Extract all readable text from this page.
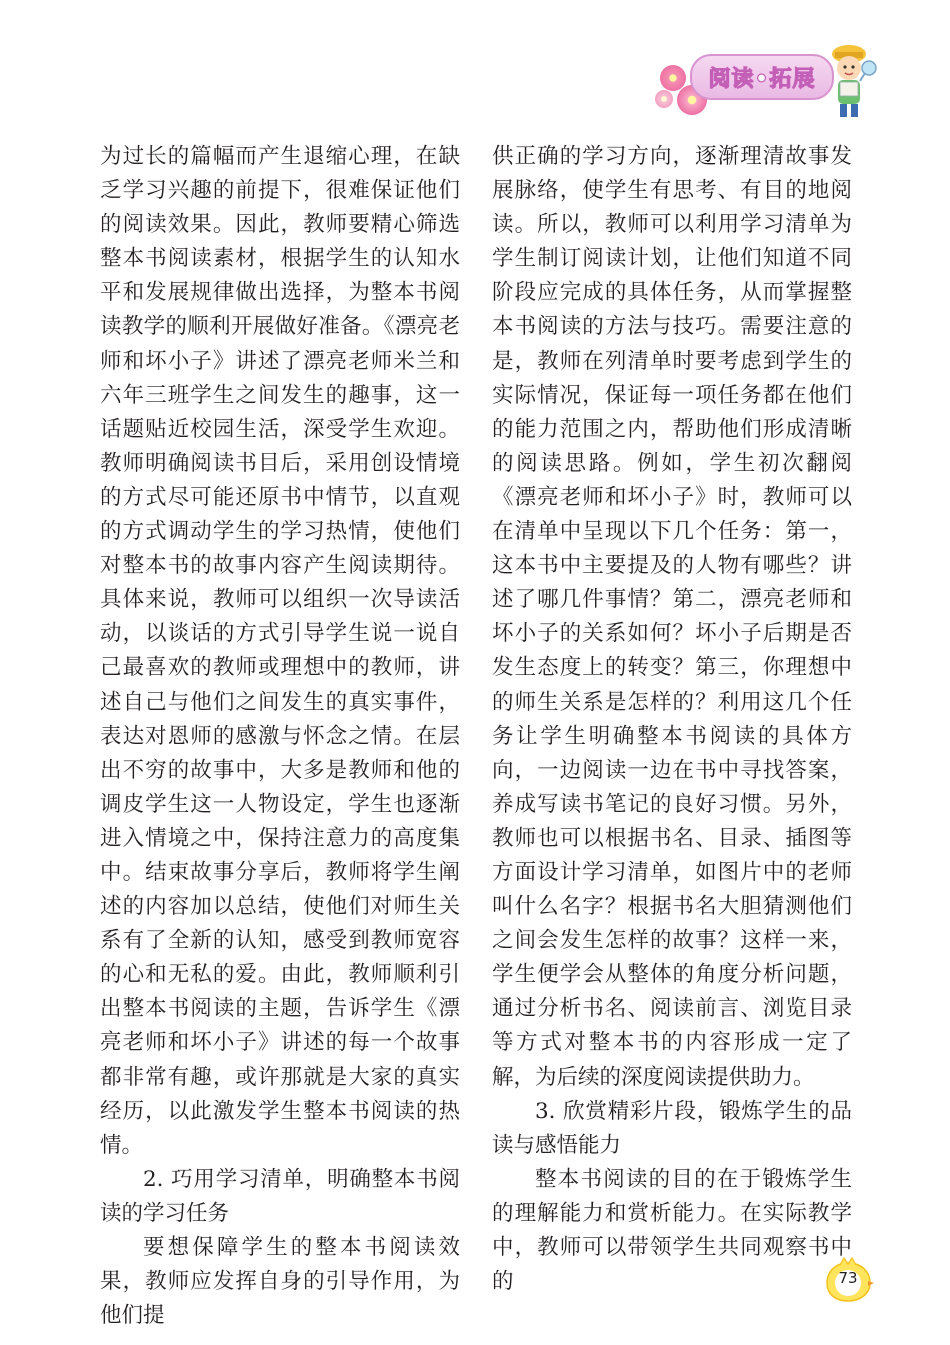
阅读•拓展

为过长的篇幅而产生退缩心理，在缺乏学习兴趣的前提下，很难保证他们的阅读效果。因此，教师要精心筛选整本书阅读素材，根据学生的认知水平和发展规律做出选择，为整本书阅读教学的顺利开展做好准备。《漂亮老师和坏小子》讲述了漂亮老师米兰和六年三班学生之间发生的趣事，这一话题贴近校园生活，深受学生欢迎。教师明确阅读书目后，采用创设情境的方式尽可能还原书中情节，以直观的方式调动学生的学习热情，使他们对整本书的故事内容产生阅读期待。具体来说，教师可以组织一次导读活动，以谈话的方式引导学生说一说自己最喜欢的教师或理想中的教师，讲述自己与他们之间发生的真实事件，表达对恩师的感激与怀念之情。在层出不穷的故事中，大多是教师和他的调皮学生这一人物设定，学生也逐渐进入情境之中，保持注意力的高度集中。结束故事分享后，教师将学生阐述的内容加以总结，使他们对师生关系有了全新的认知，感受到教师宽容的心和无私的爱。由此，教师顺利引出整本书阅读的主题，告诉学生《漂亮老师和坏小子》讲述的每一个故事都非常有趣，或许那就是大家的真实经历，以此激发学生整本书阅读的热情。

2. 巧用学习清单，明确整本书阅读的学习任务

要想保障学生的整本书阅读效果，教师应发挥自身的引导作用，为他们提

供正确的学习方向，逐渐理清故事发展脉络，使学生有思考、有目的地阅读。所以，教师可以利用学习清单为学生制订阅读计划，让他们知道不同阶段应完成的具体任务，从而掌握整本书阅读的方法与技巧。需要注意的是，教师在列清单时要考虑到学生的实际情况，保证每一项任务都在他们的能力范围之内，帮助他们形成清晰的阅读思路。例如，学生初次翻阅《漂亮老师和坏小子》时，教师可以在清单中呈现以下几个任务：第一，这本书中主要提及的人物有哪些？讲述了哪几件事情？第二，漂亮老师和坏小子的关系如何？坏小子后期是否发生态度上的转变？第三，你理想中的师生关系是怎样的？利用这几个任务让学生明确整本书阅读的具体方向，一边阅读一边在书中寻找答案，养成写读书笔记的良好习惯。另外，教师也可以根据书名、目录、插图等方面设计学习清单，如图片中的老师叫什么名字？根据书名大胆猜测他们之间会发生怎样的故事？这样一来，学生便学会从整体的角度分析问题，通过分析书名、阅读前言、浏览目录等方式对整本书的内容形成一定了解，为后续的深度阅读提供助力。

3. 欣赏精彩片段，锻炼学生的品读与感悟能力

整本书阅读的目的在于锻炼学生的理解能力和赏析能力。在实际教学中，教师可以带领学生共同观察书中的	73
